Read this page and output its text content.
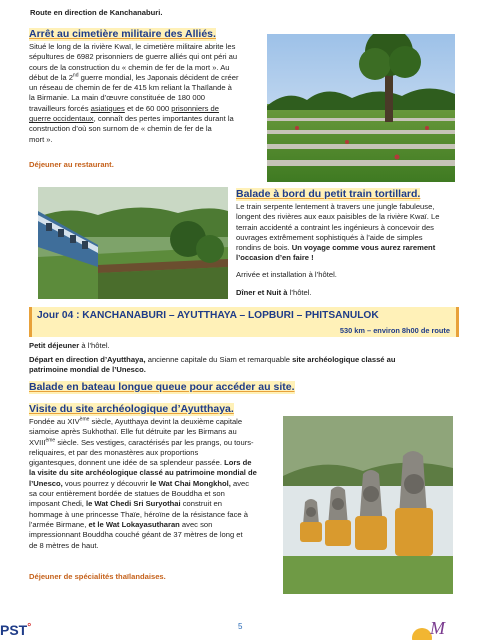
Route en direction de Kanchanaburi.
Arrêt au cimetière militaire des Alliés.
Situé le long de la rivière Kwaï, le cimetière militaire abrite les
sépultures de 6982 prisonniers de guerre alliés qui ont péri au
cours de la construction du « chemin de fer de la mort ». Au
début de la 2nd guerre mondial, les Japonais décident de créer
un réseau de chemin de fer de 415 km reliant la Thaïlande à
la Birmanie. La main d’œuvre constituée de 180 000
travailleurs forcés asiatiques et de 60 000 prisonniers de
guerre occidentaux, connaît des pertes importantes durant la
construction d’où son surnom de « chemin de fer de la
mort ».
Déjeuner au restaurant.
Balade à bord du petit train tortillard.
Le train serpente lentement à travers une jungle fabuleuse,
longent des rivières aux eaux paisibles de la rivière Kwaï. Le
terrain accidenté a contraint les ingénieurs à concevoir des
ouvrages extrêmement sophistiqués à l’aide de simples
rondins de bois. Un voyage comme vous aurez rarement
l’occasion d’en faire !
Arrivée et installation à l’hôtel.
Dîner et Nuit à l’hôtel.
Jour 04 : KANCHANABURI – AYUTTHAYA – LOPBURI – PHITSANULOK
530 km – environ 8h00 de route
Petit déjeuner à l’hôtel.
Départ en direction d’Ayutthaya, ancienne capitale du Siam et remarquable site archéologique classé au
patrimoine mondial de l’Unesco.
Balade en bateau longue queue pour accéder au site.
Visite du site archéologique d’Ayutthaya.
Fondée au XIVème siècle, Ayutthaya devint la deuxième capitale
siamoise après Sukhothaï. Elle fut détruite par les Birmans au
XVIIIème siècle. Ses vestiges, caractérisés par les prangs, ou tours-
reliquaires, et par des monastères aux proportions
gigantesques, donnent une idée de sa splendeur passée. Lors de
la visite du site archéologique classé au patrimoine mondial de
l’Unesco, vous pourrez y découvrir le Wat Chai Mongkhol, avec
sa cour entièrement bordée de statues de Bouddha et son
imposant Chedi, le Wat Chedi Sri Suryothai construit en
hommage à une princesse Thaïe, héroïne de la résistance face à
l’armée Birmane, et le Wat Lokayasutharan avec son
impressionnant Bouddha couché géant de 37 mètres de long et
de 8 mètres de haut.
Déjeuner de spécialités thaïlandaises.
5
PST°	M
